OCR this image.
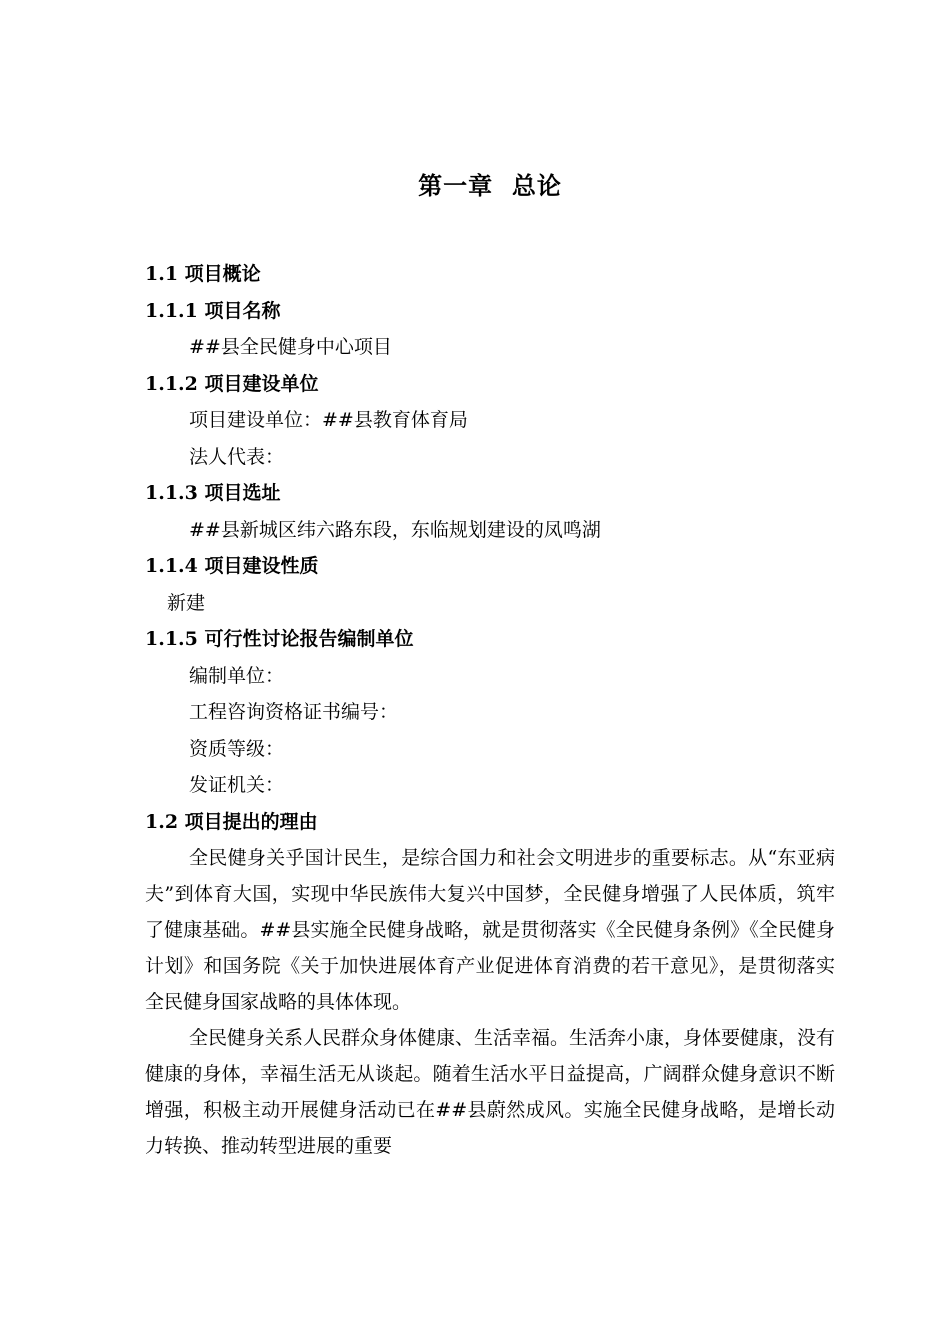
第一章  总论
1.1 项目概论
1.1.1 项目名称
##县全民健身中心项目
1.1.2 项目建设单位
项目建设单位：##县教育体育局
法人代表：
1.1.3 项目选址
##县新城区纬六路东段，东临规划建设的凤鸣湖
1.1.4 项目建设性质
新建
1.1.5 可行性讨论报告编制单位
编制单位：
工程咨询资格证书编号：
资质等级：
发证机关：
1.2 项目提出的理由

全民健身关乎国计民生，是综合国力和社会文明进步的重要标志。从“东亚病夫”到体育大国，实现中华民族伟大复兴中国梦，全民健身增强了人民体质，筑牢了健康基础。##县实施全民健身战略，就是贯彻落实《全民健身条例》《全民健身计划》和国务院《关于加快进展体育产业促进体育消费的若干意见》，是贯彻落实全民健身国家战略的具体体现。

全民健身关系人民群众身体健康、生活幸福。生活奔小康，身体要健康，没有健康的身体，幸福生活无从谈起。随着生活水平日益提高，广阔群众健身意识不断增强，积极主动开展健身活动已在##县蔚然成风。实施全民健身战略，是增长动力转换、推动转型进展的重要
